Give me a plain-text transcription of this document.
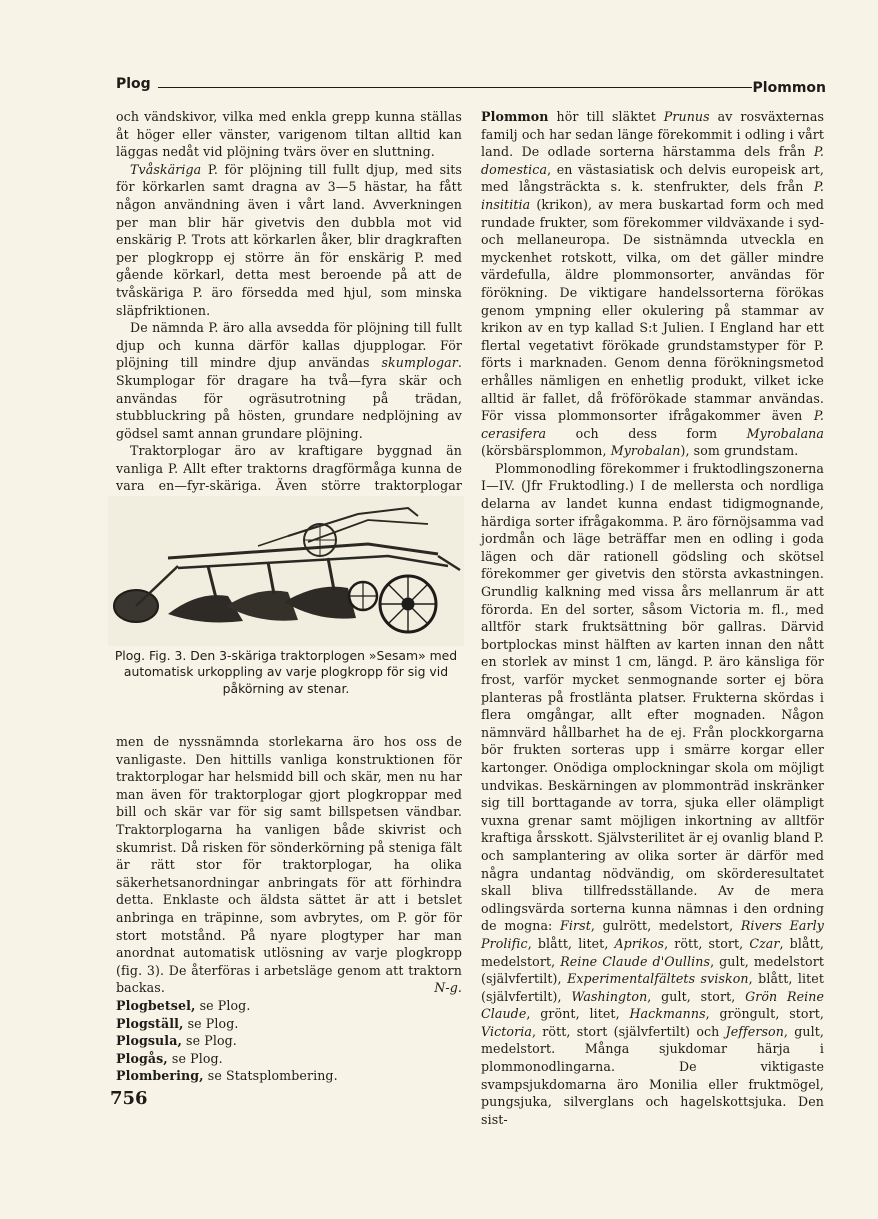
Plog	Plommon

och vändskivor, vilka med enkla grepp kunna ställas åt höger eller vänster, varigenom tiltan alltid kan läggas nedåt vid plöjning tvärs över en sluttning.

Tvåskäriga P. för plöjning till fullt djup, med sits för körkarlen samt dragna av 3—5 hästar, ha fått någon användning även i vårt land. Avverkningen per man blir här givetvis den dubbla mot vid enskärig P. Trots att körkarlen åker, blir dragkraften per plogkropp ej större än för enskärig P. med gående körkarl, detta mest beroende på att de tvåskäriga P. äro försedda med hjul, som minska släpfriktionen.

De nämnda P. äro alla avsedda för plöjning till fullt djup och kunna därför kallas djupplogar. För plöjning till mindre djup användas skumplogar. Skumplogar för dragare ha två—fyra skär och användas för ogräsutrotning på trädan, stubbluckring på hösten, grundare nedplöjning av gödsel samt annan grundare plöjning.

Traktorplogar äro av kraftigare byggnad än vanliga P. Allt efter traktorns dragförmåga kunna de vara en—fyr-skäriga. Även större traktorplogar

Plog. Fig. 3. Den 3-skäriga traktorplogen »Sesam» med automatisk urkoppling av varje plogkropp för sig vid påkörning av stenar.

men de nyssnämnda storlekarna äro hos oss de vanligaste. Den hittills vanliga konstruktionen för traktorplogar har helsmidd bill och skär, men nu har man även för traktorplogar gjort plogkroppar med bill och skär var för sig samt billspetsen vändbar. Traktorplogarna ha vanligen både skivrist och skumrist. Då risken för sönderkörning på steniga fält är rätt stor för traktorplogar, ha olika säkerhetsanordningar anbringats för att förhindra detta. Enklaste och äldsta sättet är att i betslet anbringa en träpinne, som avbrytes, om P. gör för stort motstånd. På nyare plogtyper har man anordnat automatisk utlösning av varje plogkropp (fig. 3). De återföras i arbetsläge genom att traktorn backas.	N-g.

Plogbetsel, se Plog.

Plogställ, se Plog.

Plogsula, se Plog.

Plogås, se Plog.

Plombering, se Statsplombering.

Plommon hör till släktet Prunus av rosväxternas familj och har sedan länge förekommit i odling i vårt land. De odlade sorterna härstamma dels från P. domestica, en västasiatisk och delvis europeisk art, med långsträckta s. k. stenfrukter, dels från P. insititia (krikon), av mera buskartad form och med rundade frukter, som förekommer vildväxande i syd- och mellaneuropa. De sistnämnda utveckla en myckenhet rotskott, vilka, om det gäller mindre värdefulla, äldre plommonsorter, användas för förökning. De viktigare handelssorterna förökas genom ympning eller okulering på stammar av krikon av en typ kallad S:t Julien. I England har ett flertal vegetativt förökade grundstamstyper för P. förts i marknaden. Genom denna förökningsmetod erhålles nämligen en enhetlig produkt, vilket icke alltid är fallet, då fröförökade stammar användas. För vissa plommonsorter ifrågakommer även P. cerasifera och dess form Myrobalana (körsbärsplommon, Myrobalan), som grundstam.

Plommonodling förekommer i fruktodlingszonerna I—IV. (Jfr Fruktodling.) I de mellersta och nordliga delarna av landet kunna endast tidigmognande, härdiga sorter ifrågakomma. P. äro förnöjsamma vad jordmån och läge beträffar men en odling i goda lägen och där rationell gödsling och skötsel förekommer ger givetvis den största avkastningen. Grundlig kalkning med vissa års mellanrum är att förorda. En del sorter, såsom Victoria m. fl., med alltför stark fruktsättning bör gallras. Därvid bortplockas minst hälften av karten innan den nått en storlek av minst 1 cm, längd. P. äro känsliga för frost, varför mycket senmognande sorter ej böra planteras på frostlänta platser. Frukterna skördas i flera omgångar, allt efter mognaden. Någon nämnvärd hållbarhet ha de ej. Från plockkorgarna bör frukten sorteras upp i smärre korgar eller kartonger. Onödiga omplockningar skola om möjligt undvikas. Beskärningen av plommonträd inskränker sig till borttagande av torra, sjuka eller olämpligt vuxna grenar samt möjligen inkortning av alltför kraftiga årsskott. Självsterilitet är ej ovanlig bland P. och samplantering av olika sorter är därför med några undantag nödvändig, om skörderesultatet skall bliva tillfredsställande. Av de mera odlingsvärda sorterna kunna nämnas i den ordning de mogna: First, gulrött, medelstort, Rivers Early Prolific, blått, litet, Aprikos, rött, stort, Czar, blått, medelstort, Reine Claude d'Oullins, gult, medelstort (självfertilt), Experimentalfältets sviskon, blått, litet (självfertilt), Washington, gult, stort, Grön Reine Claude, grönt, litet, Hackmanns, gröngult, stort, Victoria, rött, stort (självfertilt) och Jefferson, gult, medelstort. Många sjukdomar härja i plommonodlingarna. De viktigaste svampsjukdomarna äro Monilia eller fruktmögel, pungsjuka, silverglans och hagelskottsjuka. Den sist-

756
